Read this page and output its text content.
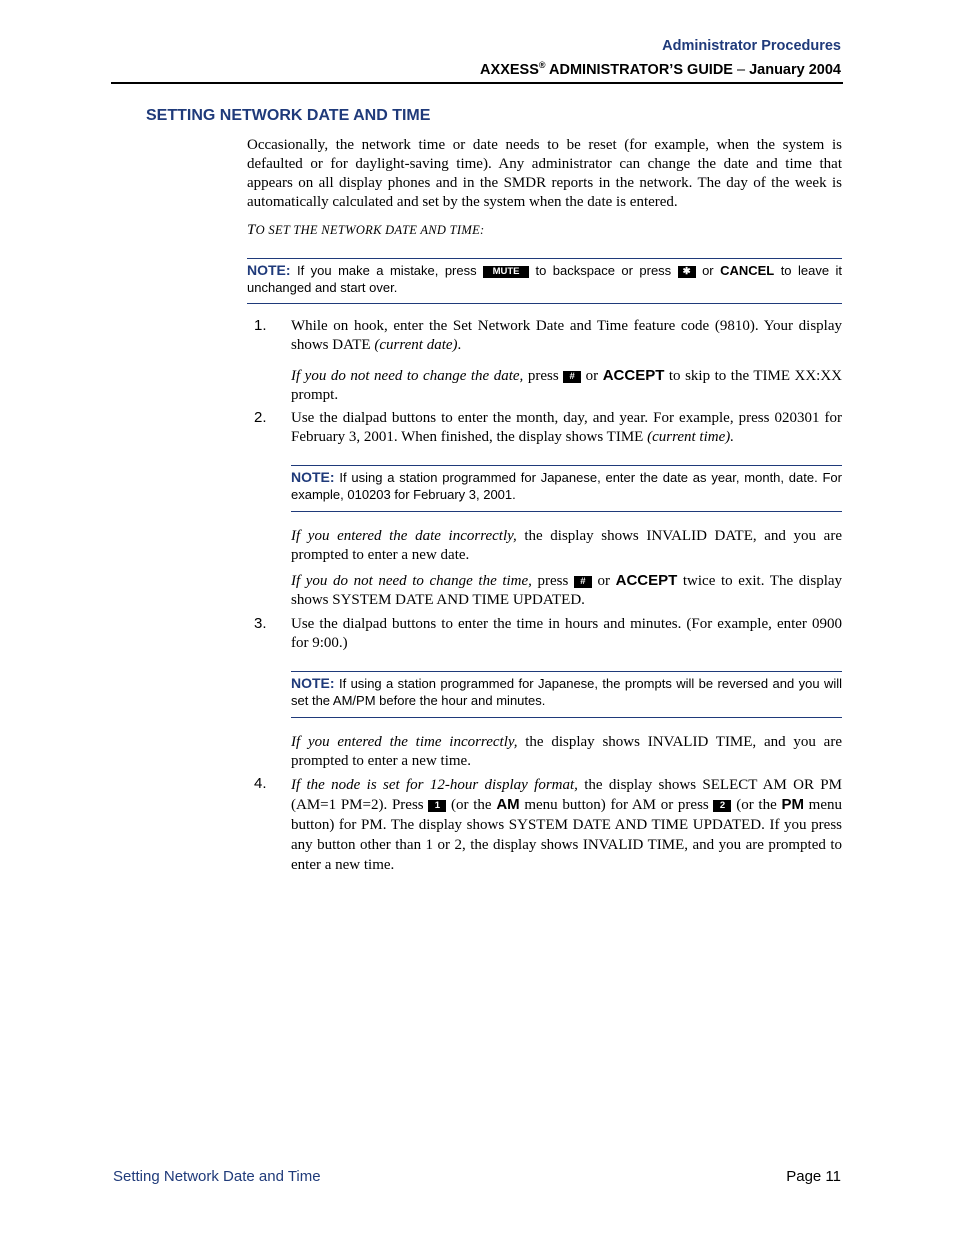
Administrator Procedures
AXXESS® ADMINISTRATOR’S GUIDE – January 2004
SETTING NETWORK DATE AND TIME
Occasionally, the network time or date needs to be reset (for example, when the system is defaulted or for daylight-saving time). Any administrator can change the date and time that appears on all display phones and in the SMDR reports in the network. The day of the week is automatically calculated and set by the system when the date is entered.
TO SET THE NETWORK DATE AND TIME:
NOTE: If you make a mistake, press MUTE to backspace or press ✱ or CANCEL to leave it unchanged and start over.
1. While on hook, enter the Set Network Date and Time feature code (9810). Your display shows DATE (current date).
If you do not need to change the date, press # or ACCEPT to skip to the TIME XX:XX prompt.
2. Use the dialpad buttons to enter the month, day, and year. For example, press 020301 for February 3, 2001. When finished, the display shows TIME (current time).
NOTE: If using a station programmed for Japanese, enter the date as year, month, date. For example, 010203 for February 3, 2001.
If you entered the date incorrectly, the display shows INVALID DATE, and you are prompted to enter a new date.
If you do not need to change the time, press # or ACCEPT twice to exit. The display shows SYSTEM DATE AND TIME UPDATED.
3. Use the dialpad buttons to enter the time in hours and minutes. (For example, enter 0900 for 9:00.)
NOTE: If using a station programmed for Japanese, the prompts will be reversed and you will set the AM/PM before the hour and minutes.
If you entered the time incorrectly, the display shows INVALID TIME, and you are prompted to enter a new time.
4. If the node is set for 12-hour display format, the display shows SELECT AM OR PM (AM=1 PM=2). Press 1 (or the AM menu button) for AM or press 2 (or the PM menu button) for PM. The display shows SYSTEM DATE AND TIME UPDATED. If you press any button other than 1 or 2, the display shows INVALID TIME, and you are prompted to enter a new time.
Setting Network Date and Time	Page 11
